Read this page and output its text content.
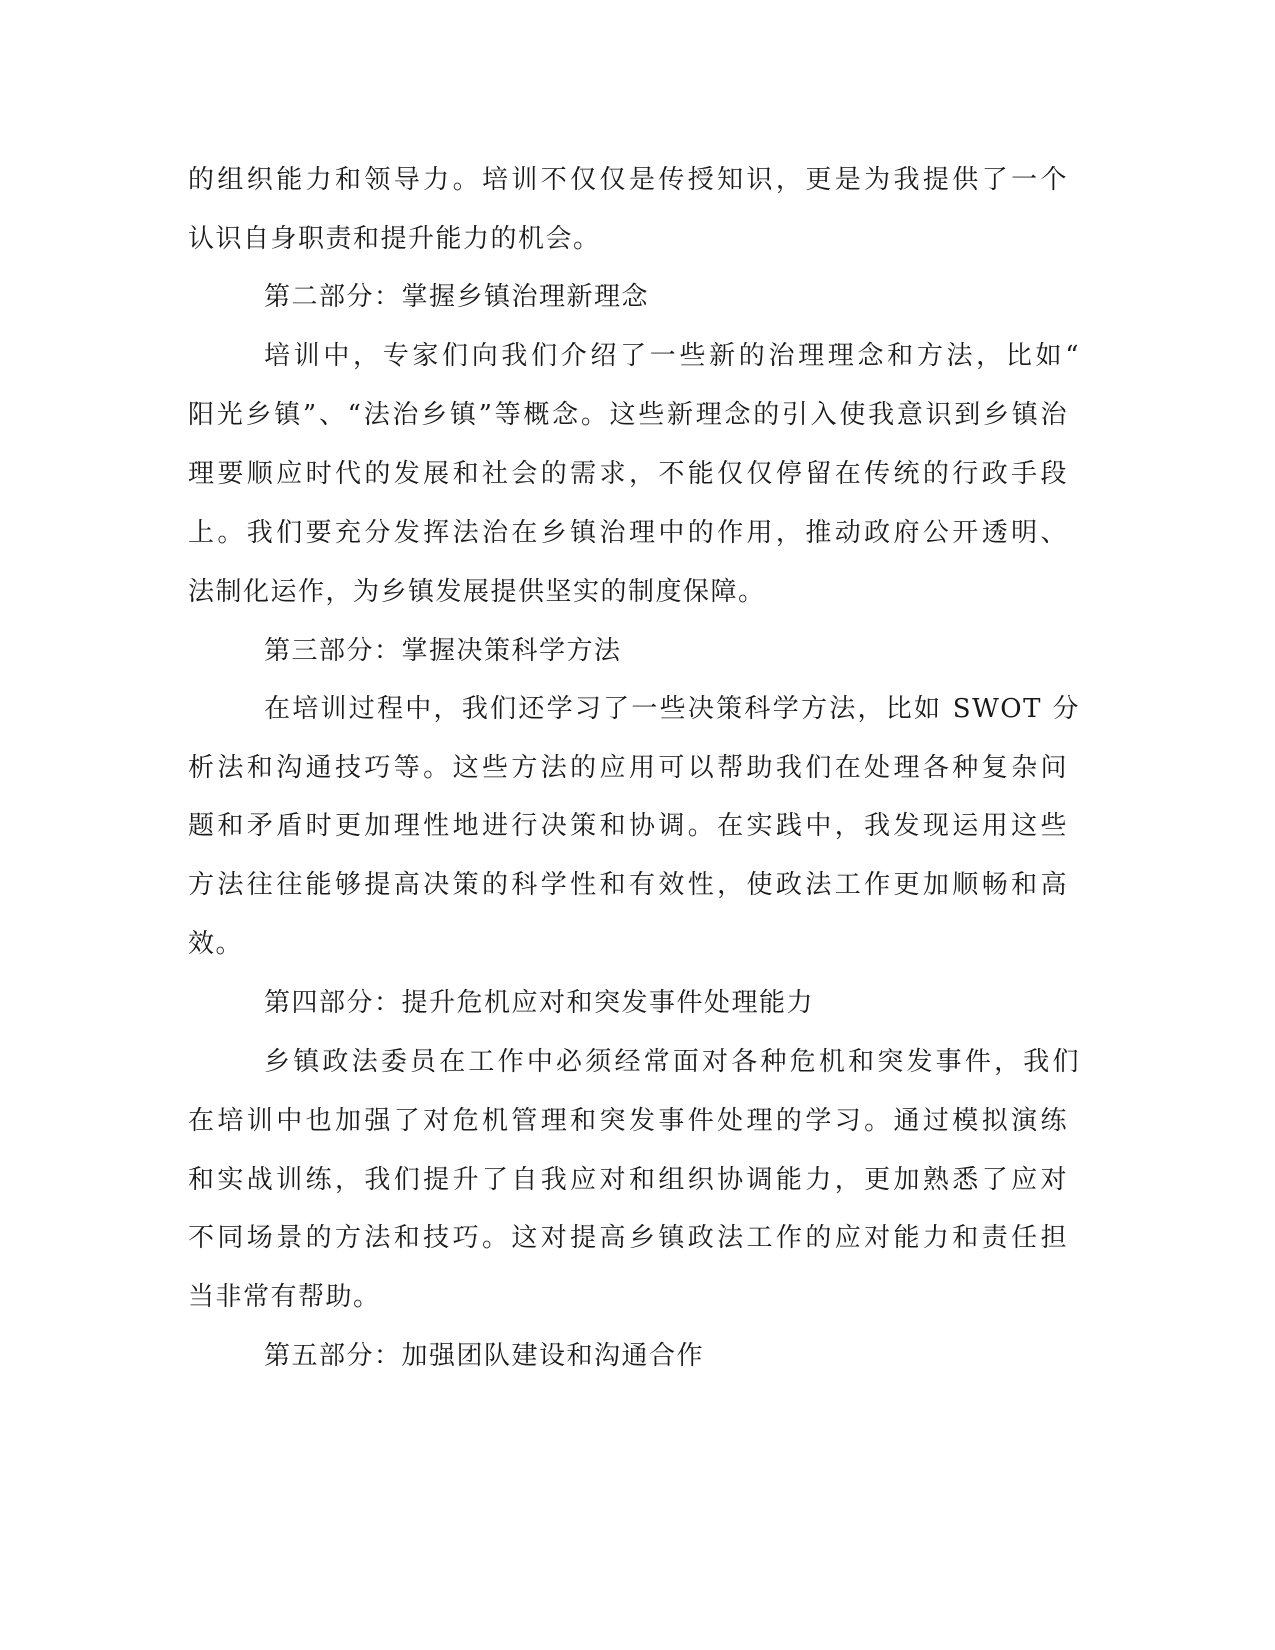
的组织能力和领导力。培训不仅仅是传授知识，更是为我提供了一个
认识自身职责和提升能力的机会。
第二部分：掌握乡镇治理新理念
培训中，专家们向我们介绍了一些新的治理理念和方法，比如“
阳光乡镇”、“法治乡镇”等概念。这些新理念的引入使我意识到乡镇治
理要顺应时代的发展和社会的需求，不能仅仅停留在传统的行政手段
上。我们要充分发挥法治在乡镇治理中的作用，推动政府公开透明、
法制化运作，为乡镇发展提供坚实的制度保障。
第三部分：掌握决策科学方法
在培训过程中，我们还学习了一些决策科学方法，比如 SWOT 分
析法和沟通技巧等。这些方法的应用可以帮助我们在处理各种复杂问
题和矛盾时更加理性地进行决策和协调。在实践中，我发现运用这些
方法往往能够提高决策的科学性和有效性，使政法工作更加顺畅和高
效。
第四部分：提升危机应对和突发事件处理能力
乡镇政法委员在工作中必须经常面对各种危机和突发事件，我们
在培训中也加强了对危机管理和突发事件处理的学习。通过模拟演练
和实战训练，我们提升了自我应对和组织协调能力，更加熟悉了应对
不同场景的方法和技巧。这对提高乡镇政法工作的应对能力和责任担
当非常有帮助。
第五部分：加强团队建设和沟通合作
